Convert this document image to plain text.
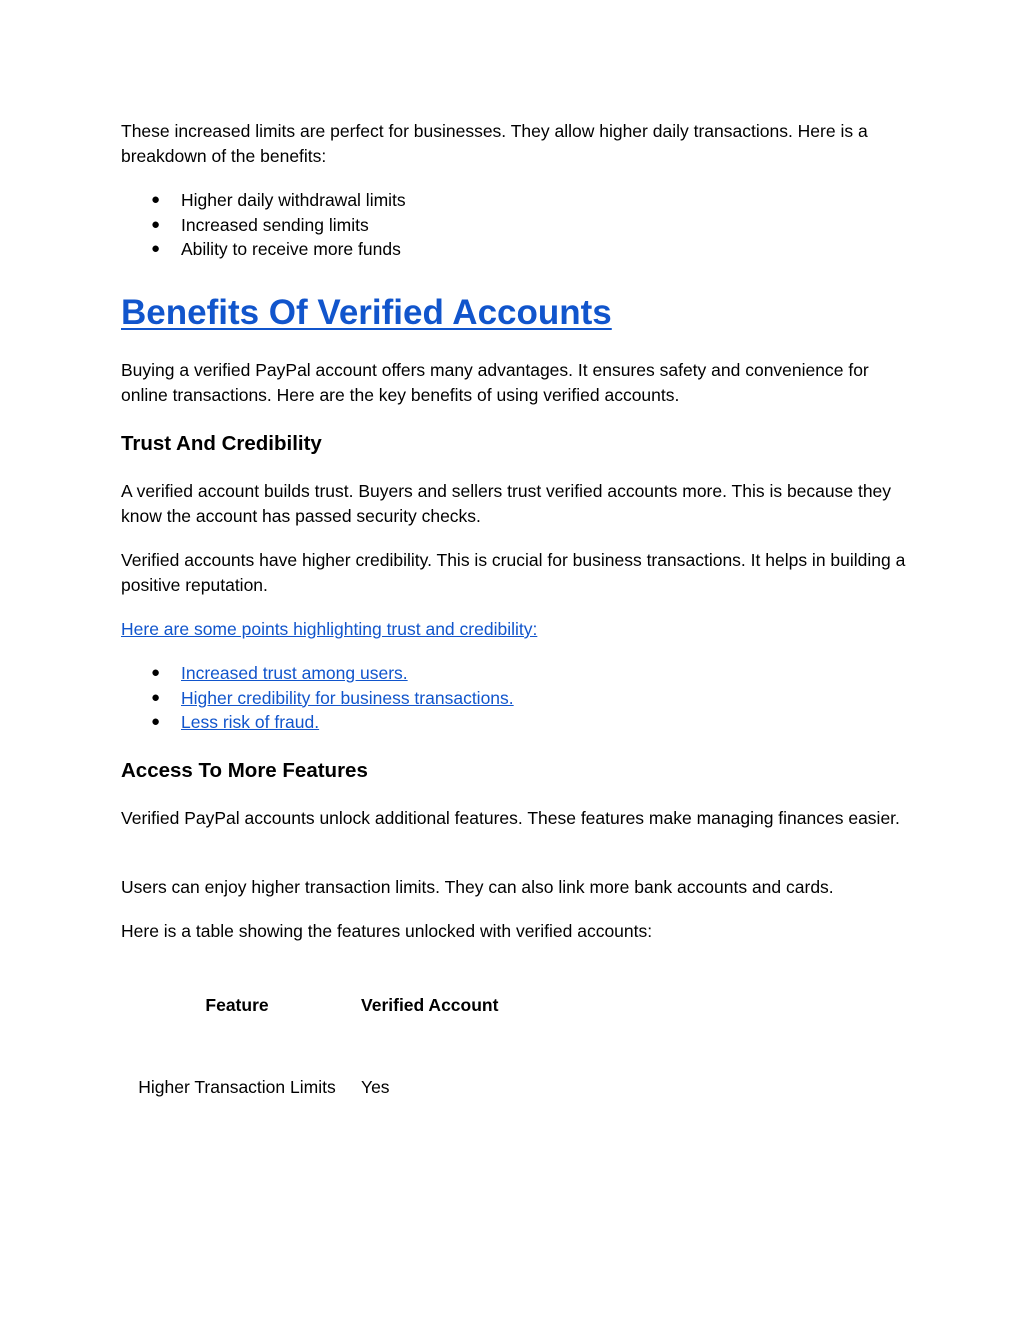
These increased limits are perfect for businesses. They allow higher daily transactions. Here is a breakdown of the benefits:

● Higher daily withdrawal limits
● Increased sending limits
● Ability to receive more funds
Benefits Of Verified Accounts

Buying a verified PayPal account offers many advantages. It ensures safety and convenience for online transactions. Here are the key benefits of using verified accounts.

Trust And Credibility

A verified account builds trust. Buyers and sellers trust verified accounts more. This is because they know the account has passed security checks.

Verified accounts have higher credibility. This is crucial for business transactions. It helps in building a positive reputation.

Here are some points highlighting trust and credibility:

● Increased trust among users.
● Higher credibility for business transactions.
● Less risk of fraud.
Access To More Features

Verified PayPal accounts unlock additional features. These features make managing finances easier.

Users can enjoy higher transaction limits. They can also link more bank accounts and cards.

Here is a table showing the features unlocked with verified accounts:

Feature	Verified Account
Higher Transaction Limits	Yes
